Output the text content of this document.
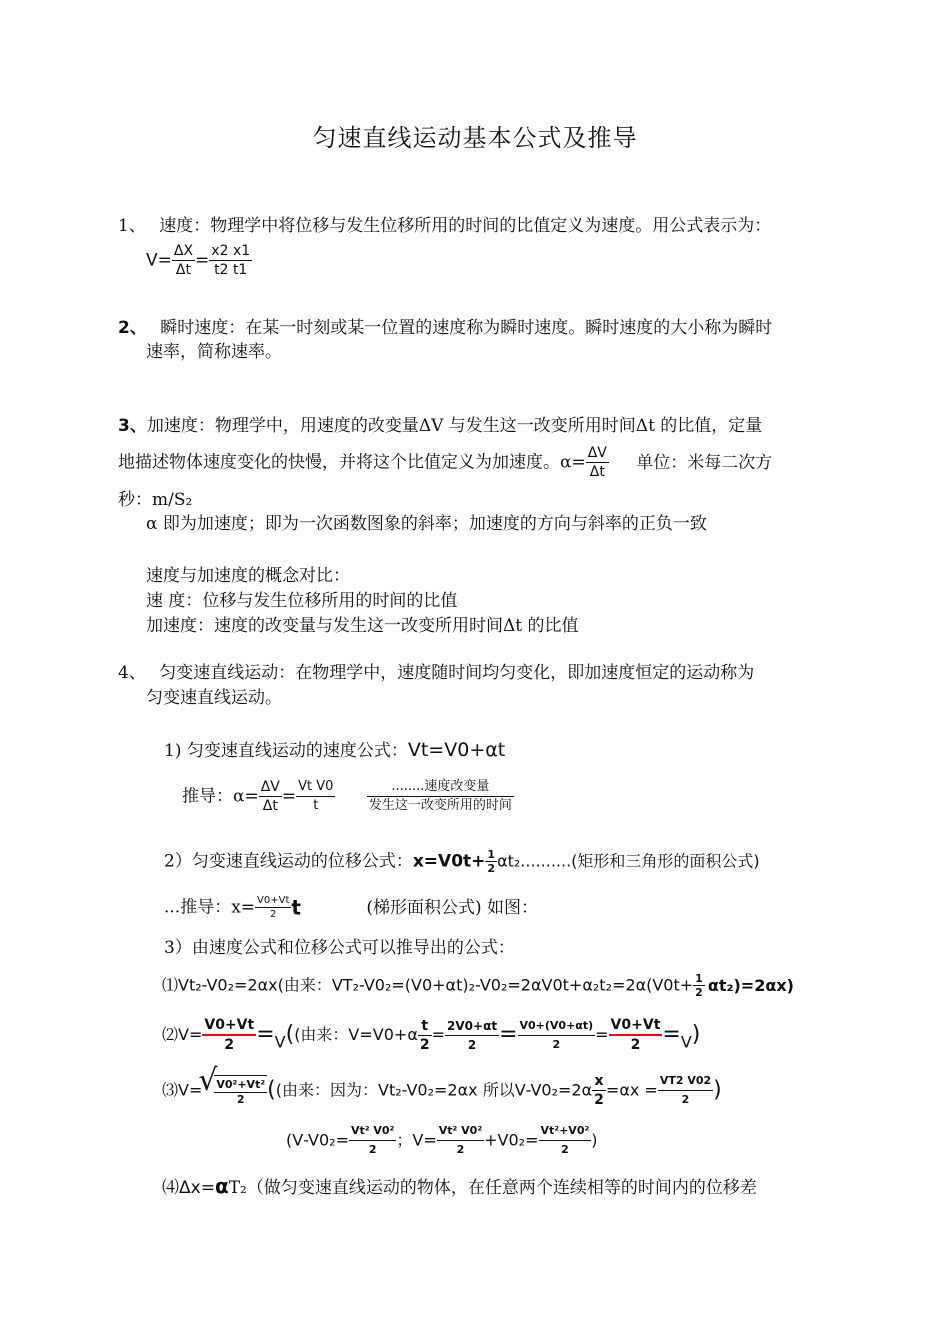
匀速直线运动基本公式及推导
1、 速度：物理学中将位移与发生位移所用的时间的比值定义为速度。用公式表示为：
$V= \frac{\Delta X}{\Delta t} = \frac{x2 x1}{t2 t1}$
2、 瞬时速度：在某一时刻或某一位置的速度称为瞬时速度。瞬时速度的大小称为瞬时
速率，简称速率。
3、加速度：物理学中，用速度的改变量ΔV 与发生这一改变所用时间Δt 的比值，定量
地描述物体速度变化的快慢，并将这个比值定义为加速度。$\alpha= \frac{\Delta V}{\Delta t}$ 单位：米每二次方
秒：m/S₂
α 即为加速度；即为一次函数图象的斜率；加速度的方向与斜率的正负一致
速度与加速度的概念对比：
速 度：位移与发生位移所用的时间的比值
加速度：速度的改变量与发生这一改变所用时间Δt 的比值
4、 匀变速直线运动：在物理学中，速度随时间均匀变化，即加速度恒定的运动称为
匀变速直线运动。
1) 匀变速直线运动的速度公式：Vt=V0+αt
推导：$\alpha= \frac{\Delta V}{\Delta t} = \frac{\text{Vt V0}}{t}$
$\frac{\text{........速度改变量}}{\text{发生这一改变所用的时间}}$
2）匀变速直线运动的位移公式：$x=V0t+ \frac{1}{2} \alpha t_2$..........(矩形和三角形的面积公式)
...推导：$x= \frac{V0+Vt}{2}$ t	(梯形面积公式) 如图：
3）由速度公式和位移公式可以推导出的公式：
⑴Vt₂-V0₂=2αx(由来：$VT_2-V0_2=(V0+\alpha t)_2-V0_2=2\alpha V0t+\alpha_2t_2=2\alpha(V0t+ \frac{1}{2} \alpha t_2)=2\alpha x$)
⑵V= $\frac{V0+Vt}{2} =V$((由来：$V=V0+\alpha \frac{t}{2} = \frac{2V0+\alpha t}{2} = \frac{V0+(V0+\alpha t)}{2} = \frac{V0+Vt}{2} =V$)
⑶V=
√ $\frac{\text{V0²+Vt²}}{2}$ ((由来：因为：Vt₂-V0₂=2αx 所以$V-V0_2=2\alpha \frac{x}{2} =\alpha x = \frac{VT2 V02}{2}$ )
($V-V0_2= \frac{\text{Vt² V0²}}{2}$ ；$V= \frac{\text{Vt² V0²}}{2} +V0_2= \frac{\text{Vt²+V0²}}{2}$ )
⑷Δx=αT₂（做匀变速直线运动的物体，在任意两个连续相等的时间内的位移差
